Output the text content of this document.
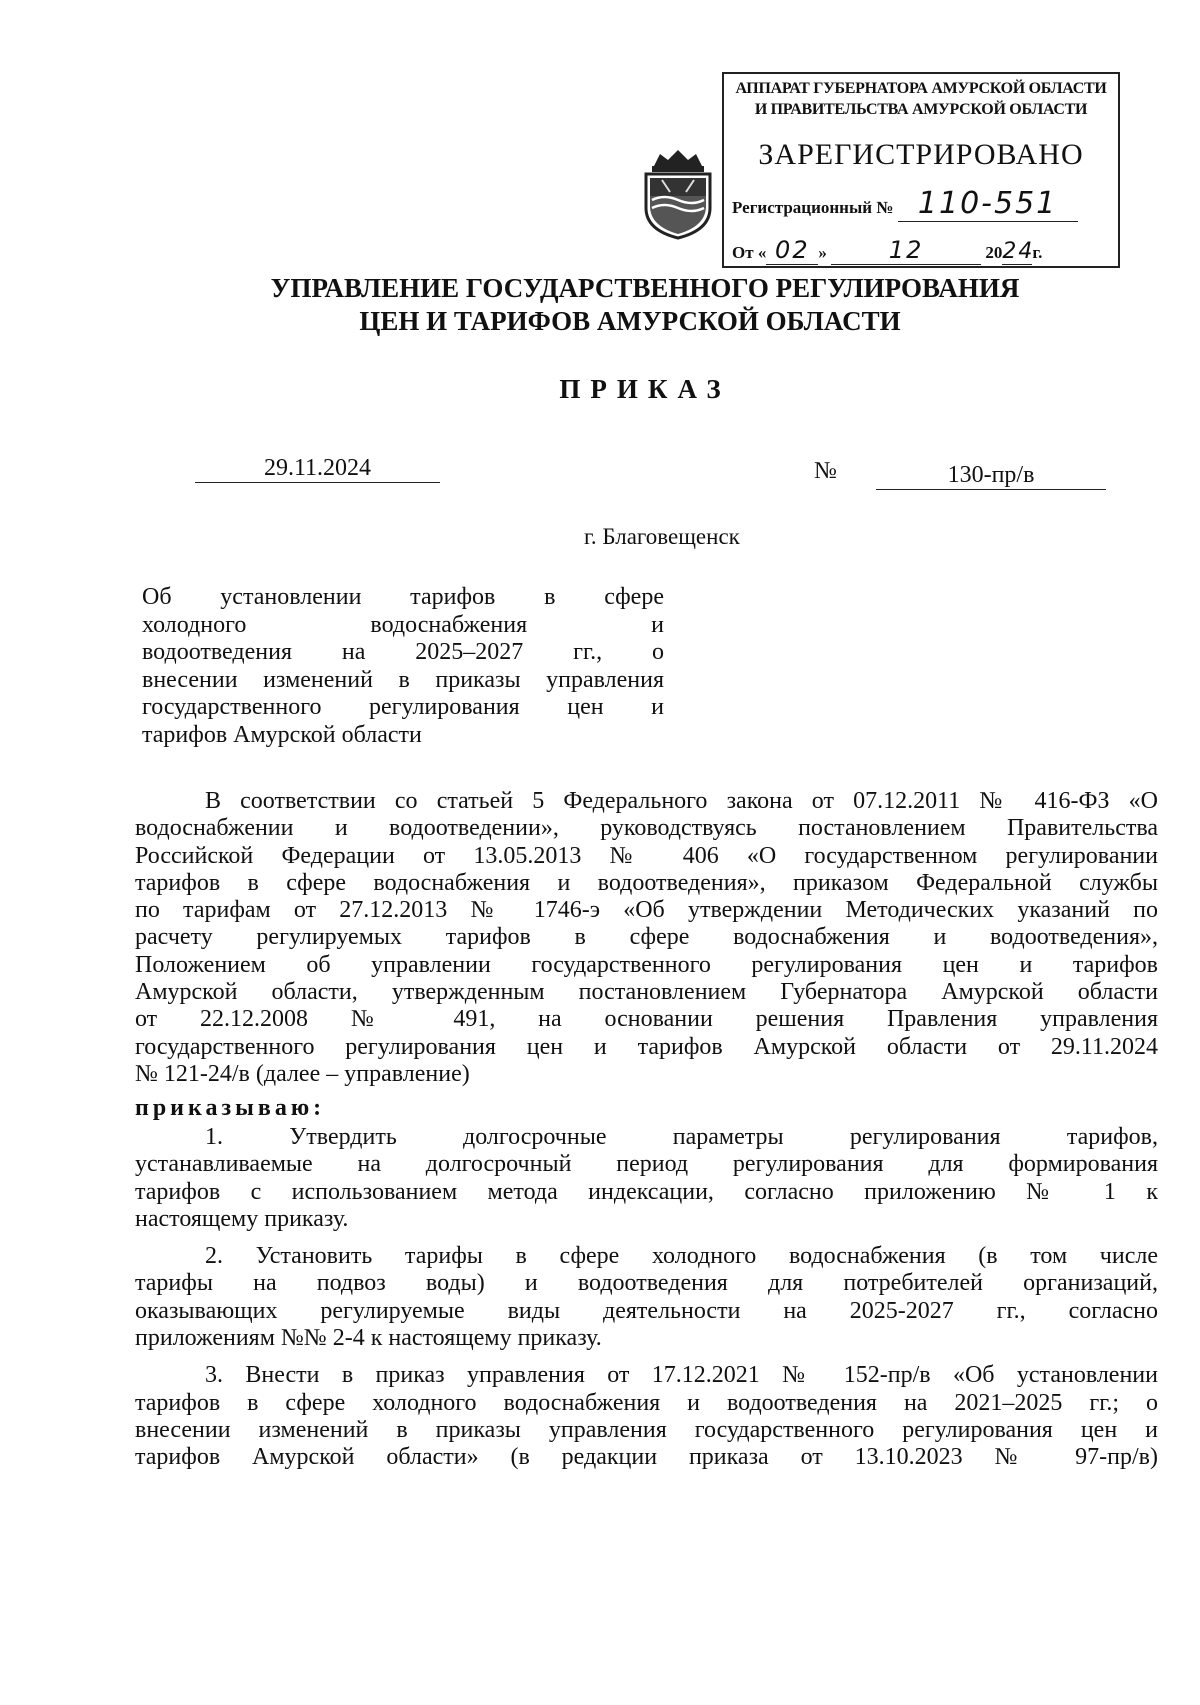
АППАРАТ ГУБЕРНАТОРА АМУРСКОЙ ОБЛАСТИ
И ПРАВИТЕЛЬСТВА АМУРСКОЙ ОБЛАСТИ
ЗАРЕГИСТРИРОВАНО
Регистрационный № 110-551
От « 02 »	12	2024г.
УПРАВЛЕНИЕ ГОСУДАРСТВЕННОГО РЕГУЛИРОВАНИЯ
ЦЕН И ТАРИФОВ АМУРСКОЙ ОБЛАСТИ
ПРИКАЗ
29.11.2024	№	130-пр/в
г. Благовещенск
Об установлении тарифов в сфере
холодного водоснабжения и
водоотведения на 2025–2027 гг., о
внесении изменений в приказы управления
государственного регулирования цен и
тарифов Амурской области
В соответствии со статьей 5 Федерального закона от 07.12.2011 № 416-ФЗ «О
водоснабжении и водоотведении», руководствуясь постановлением Правительства
Российской Федерации от 13.05.2013 № 406 «О государственном регулировании
тарифов в сфере водоснабжения и водоотведения», приказом Федеральной службы
по тарифам от 27.12.2013 № 1746-э «Об утверждении Методических указаний по
расчету регулируемых тарифов в сфере водоснабжения и водоотведения»,
Положением об управлении государственного регулирования цен и тарифов
Амурской области, утвержденным постановлением Губернатора Амурской области
от 22.12.2008 № 491, на основании решения Правления управления
государственного регулирования цен и тарифов Амурской области от 29.11.2024
№ 121-24/в (далее – управление)
приказываю:
1. Утвердить долгосрочные параметры регулирования тарифов,
устанавливаемые на долгосрочный период регулирования для формирования
тарифов с использованием метода индексации, согласно приложению № 1 к
настоящему приказу.
2. Установить тарифы в сфере холодного водоснабжения (в том числе
тарифы на подвоз воды) и водоотведения для потребителей организаций,
оказывающих регулируемые виды деятельности на 2025-2027 гг., согласно
приложениям №№ 2-4 к настоящему приказу.
3. Внести в приказ управления от 17.12.2021 № 152-пр/в «Об установлении
тарифов в сфере холодного водоснабжения и водоотведения на 2021–2025 гг.; о
внесении изменений в приказы управления государственного регулирования цен и
тарифов Амурской области» (в редакции приказа от 13.10.2023 № 97-пр/в)
